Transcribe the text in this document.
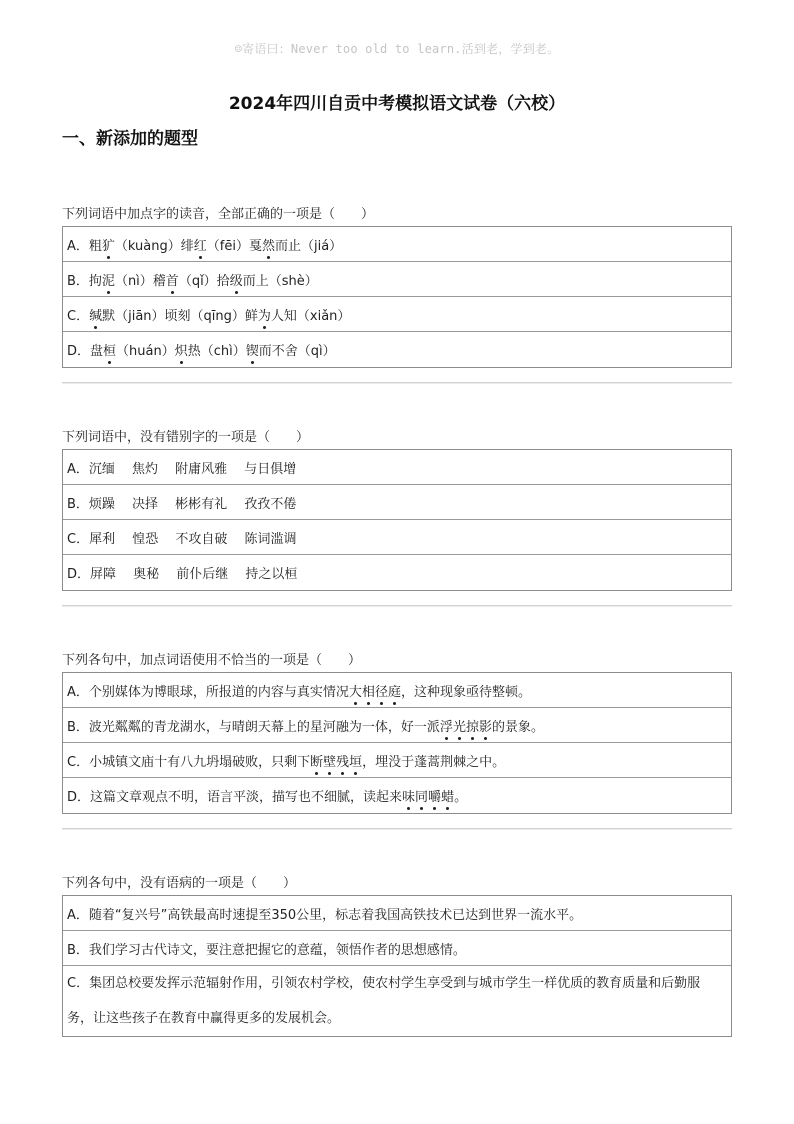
☺寄语曰：Never too old to learn.活到老，学到老。
2024年四川自贡中考模拟语文试卷（六校）
一、新添加的题型
下列词语中加点字的读音，全部正确的一项是（　　）
A．粗 犷 （kuàng）绯 红 （fēi）戛 然 而止（jiá）
B．拘 泥 （nì）稽 首 （qǐ）拾 级 而上（shè）
C． 缄 默（jiān）顷刻（qīng）鲜 为 人知（xiǎn）
D．盘 桓 （huán） 炽 热（chì） 锲 而不舍（qì）
下列词语中，没有错别字的一项是（　　）
A．沉缅　 焦灼　 附庸风雅　 与日俱增
B．烦躁　 决择　 彬彬有礼　 孜孜不倦
C．犀利　 惶恐　 不攻自破　 陈词滥调
D．屏障　 奥秘　 前仆后继　 持之以桓
下列各句中，加点词语使用不恰当的一项是（　　）
A．个别媒体为博眼球，所报道的内容与真实情况 大相径庭 ，这种现象亟待整顿。
B．波光粼粼的青龙湖水，与晴朗天幕上的星河融为一体，好一派 浮光掠影 的景象。
C．小城镇文庙十有八九坍塌破败，只剩下 断壁残垣 ，埋没于蓬蒿荆棘之中。
D．这篇文章观点不明，语言平淡，描写也不细腻，读起来 味同嚼蜡 。
下列各句中，没有语病的一项是（　　）
A．随着“复兴号”高铁最高时速提至350公里，标志着我国高铁技术已达到世界一流水平。
B．我们学习古代诗文，要注意把握它的意蕴，领悟作者的思想感情。
C．集团总校要发挥示范辐射作用，引领农村学校，使农村学生享受到与城市学生一样优质的教育质量和后勤服务，让这些孩子在教育中赢得更多的发展机会。
